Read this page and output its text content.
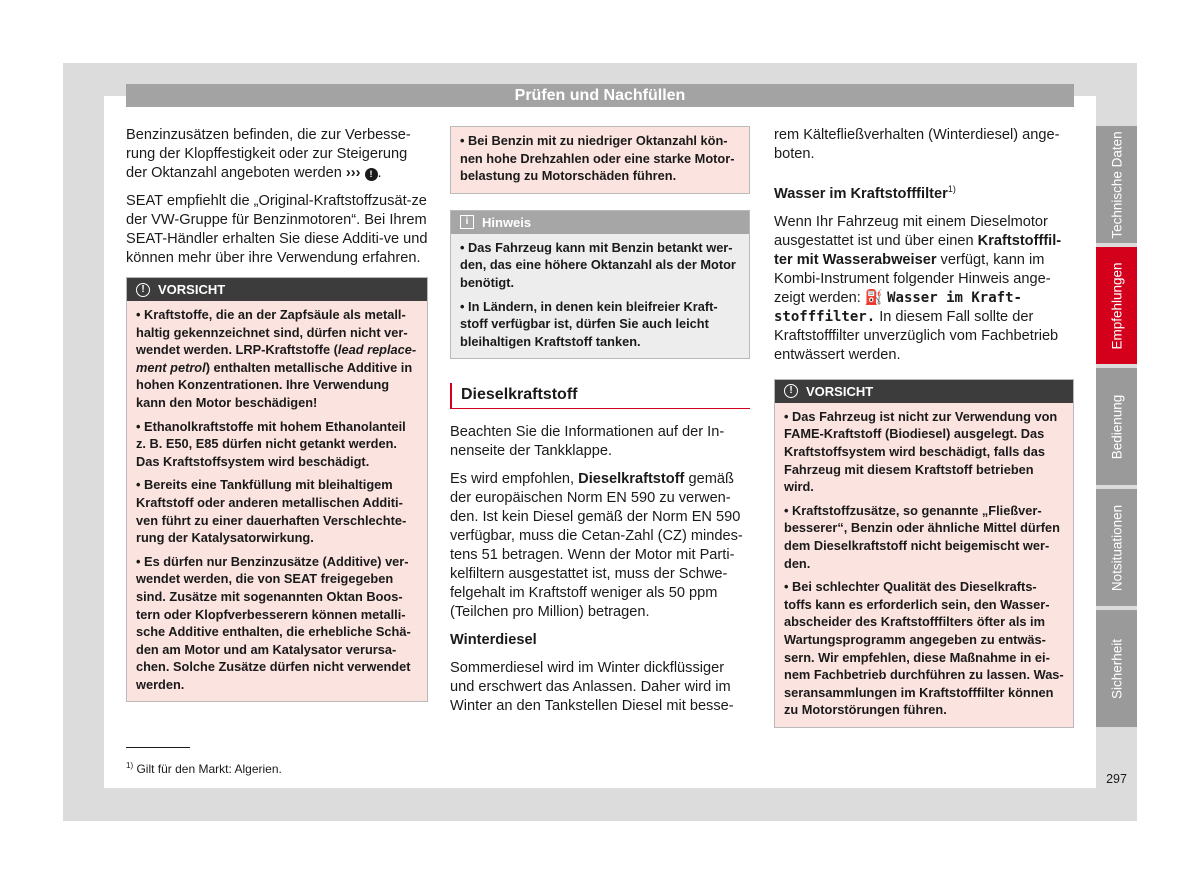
Prüfen und Nachfüllen

Benzinzusätzen befinden, die zur Verbesse-rung der Klopffestigkeit oder zur Steigerung der Oktanzahl angeboten werden ››› ! .

SEAT empfiehlt die „Original-Kraftstoffzusät-ze der VW-Gruppe für Benzinmotoren“. Bei Ihrem SEAT-Händler erhalten Sie diese Additi-ve und können mehr über ihre Verwendung erfahren.

!	VORSICHT

• Kraftstoffe, die an der Zapfsäule als metall-haltig gekennzeichnet sind, dürfen nicht ver-wendet werden. LRP-Kraftstoffe (lead replace-ment petrol) enthalten metallische Additive in hohen Konzentrationen. Ihre Verwendung kann den Motor beschädigen!

• Ethanolkraftstoffe mit hohem Ethanolanteil z. B. E50, E85 dürfen nicht getankt werden. Das Kraftstoffsystem wird beschädigt.

• Bereits eine Tankfüllung mit bleihaltigem Kraftstoff oder anderen metallischen Additi-ven führt zu einer dauerhaften Verschlechte-rung der Katalysatorwirkung.

• Es dürfen nur Benzinzusätze (Additive) ver-wendet werden, die von SEAT freigegeben sind. Zusätze mit sogenannten Oktan Boos-tern oder Klopfverbesserern können metalli-sche Additive enthalten, die erhebliche Schä-den am Motor und am Katalysator verursa-chen. Solche Zusätze dürfen nicht verwendet werden.

• Bei Benzin mit zu niedriger Oktanzahl kön-nen hohe Drehzahlen oder eine starke Motor-belastung zu Motorschäden führen.

i	Hinweis

• Das Fahrzeug kann mit Benzin betankt wer-den, das eine höhere Oktanzahl als der Motor benötigt.

• In Ländern, in denen kein bleifreier Kraft-stoff verfügbar ist, dürfen Sie auch leicht bleihaltigen Kraftstoff tanken.

Dieselkraftstoff

Beachten Sie die Informationen auf der In-nenseite der Tankklappe.

Es wird empfohlen, Dieselkraftstoff gemäß der europäischen Norm EN 590 zu verwen-den. Ist kein Diesel gemäß der Norm EN 590 verfügbar, muss die Cetan-Zahl (CZ) mindes-tens 51 betragen. Wenn der Motor mit Parti-kelfiltern ausgestattet ist, muss der Schwe-felgehalt im Kraftstoff weniger als 50 ppm (Teilchen pro Million) betragen.

Winterdiesel

Sommerdiesel wird im Winter dickflüssiger und erschwert das Anlassen. Daher wird im Winter an den Tankstellen Diesel mit besse-

rem Kältefließverhalten (Winterdiesel) ange-boten.

Wasser im Kraftstofffilter$^{1)}$

Wenn Ihr Fahrzeug mit einem Dieselmotor ausgestattet ist und über einen Kraftstofffil-ter mit Wasserabweiser verfügt, kann im Kombi-Instrument folgender Hinweis ange-zeigt werden: ⛽​ Wasser im Kraft-stofffilter. In diesem Fall sollte der Kraftstofffilter unverzüglich vom Fachbetrieb entwässert werden.

!	VORSICHT

• Das Fahrzeug ist nicht zur Verwendung von FAME-Kraftstoff (Biodiesel) ausgelegt. Das Kraftstoffsystem wird beschädigt, falls das Fahrzeug mit diesem Kraftstoff betrieben wird.

• Kraftstoffzusätze, so genannte „Fließver-besserer“, Benzin oder ähnliche Mittel dürfen dem Dieselkraftstoff nicht beigemischt wer-den.

• Bei schlechter Qualität des Dieselkrafts-toffs kann es erforderlich sein, den Wasser-abscheider des Kraftstofffilters öfter als im Wartungsprogramm angegeben zu entwäs-sern. Wir empfehlen, diese Maßnahme in ei-nem Fachbetrieb durchführen zu lassen. Was-seransammlungen im Kraftstofffilter können zu Motorstörungen führen.

Technische Daten
Empfehlungen
Bedienung
Notsituationen
Sicherheit
$^{1)}$ Gilt für den Markt: Algerien.
297
